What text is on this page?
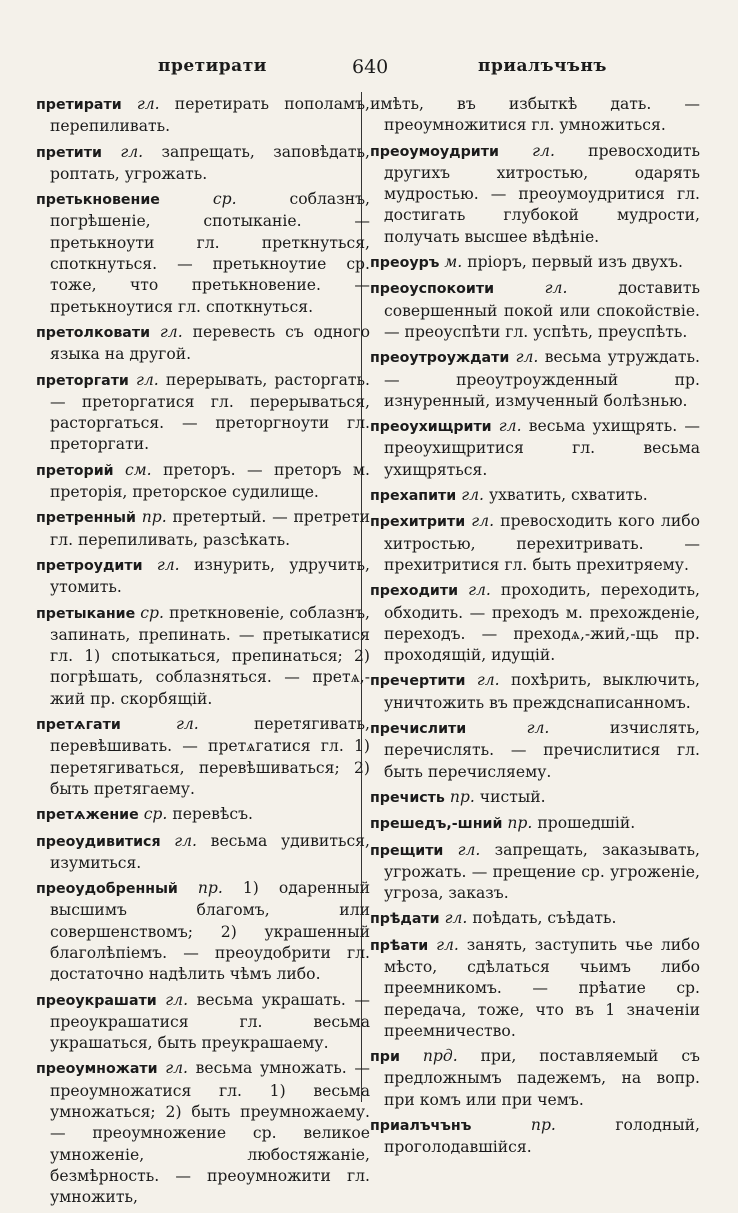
претирати	640	приалъчънъ
претирати гл. перетирать пополамъ, перепиливать.
претити гл. запрещать, заповѣдать, роптать, угрожать.
претькновение	ср.	соблазнъ, погрѣшеніе, спотыканіе. — претькноути гл. преткнуться, споткнуться. — претькноутие ср. тоже, что претькновение. — претькноутися гл. споткнуться.
претолковати гл. перевесть съ одного языка на другой.
преторгати гл. перерывать, расторгать. — преторгатися гл. перерываться, расторгаться. — преторгноути гл. преторгати.
преторий см. преторъ. — преторъ м. преторія, преторское судилище.
претренный пр. претертый. — претрети гл. перепиливать, разсѣкать.
претроудити гл. изнурить, удручить, утомить.
претыкание ср. преткновеніе, соблазнъ, запинать, препинать. — претыкатися гл. 1) спотыкаться, препинаться; 2) погрѣшать, соблазняться. — претѧ,-жий пр. скорбящій.
претѧгати	гл.	перетягивать, перевѣшивать. — претѧгатися гл. 1) перетягиваться, перевѣшиваться; 2) быть претягаему.
претѧжение ср. перевѣсъ.
преоудивитися гл. весьма удивиться, изумиться.
преоудобренный пр. 1) одаренный высшимъ благомъ, или совершенствомъ; 2) украшенный благолѣпіемъ. — преоудобрити гл. достаточно надѣлить чѣмъ либо.
преоукрашати гл. весьма украшать. — преоукрашатися гл. весьма украшаться, быть преукрашаему.
преоумножати гл. весьма умножать. — преоумножатися гл. 1) весьма умножаться; 2) быть преумножаему. — преоумножение ср. великое умноженіе, любостяжаніе, безмѣрность. — преоумножити гл. умножить,
имѣть, въ избыткѣ дать. — преоумножитися гл. умножиться.
преоумоудрити гл. превосходить другихъ хитростью, одарять мудростью. — преоумоудритися гл. достигать глубокой мудрости, получать высшее вѣдѣніе.
преоуръ м. пріоръ, первый изъ двухъ.
преоуспокоити	гл.	доставить совершенный покой или спокойствіе. — преоуспѣти гл. успѣть, преуспѣть.
преоутроуждати гл. весьма утруждать. — преоутроужденный пр. изнуренный, измученный болѣзнью.
преоухищрити гл. весьма ухищрять. — преоухищритися гл. весьма ухищряться.
прехапити гл. ухватить, схватить.
прехитрити гл. превосходить кого либо хитростью, перехитривать. — прехитритися гл. быть прехитряему.
преходити гл. проходить, переходить, обходить. — преходъ м. прехожденіе, переходъ. — преходѧ,-жий,-щь пр. проходящій, идущій.
пречертити гл. похѣрить, выключить, уничтожить въ преждснаписанномъ.
пречислити	гл.	изчислять, перечислять. — пречислитися гл. быть перечисляему.
пречисть пр. чистый.
прешедъ,-шний пр. прошедшій.
прещити гл. запрещать, заказывать, угрожать. — прещение ср. угроженіе, угроза, заказъ.
прѣдати гл. поѣдать, съѣдать.
прѣати гл. занять, заступить чье либо мѣсто, сдѣлаться чьимъ либо преемникомъ. — прѣатие ср. передача, тоже, что въ 1 значеніи преемничество.
при прд. при, поставляемый съ предложнымъ падежемъ, на вопр. при комъ или при чемъ.
приалъчънъ	пр.	голодный, проголодавшійся.
